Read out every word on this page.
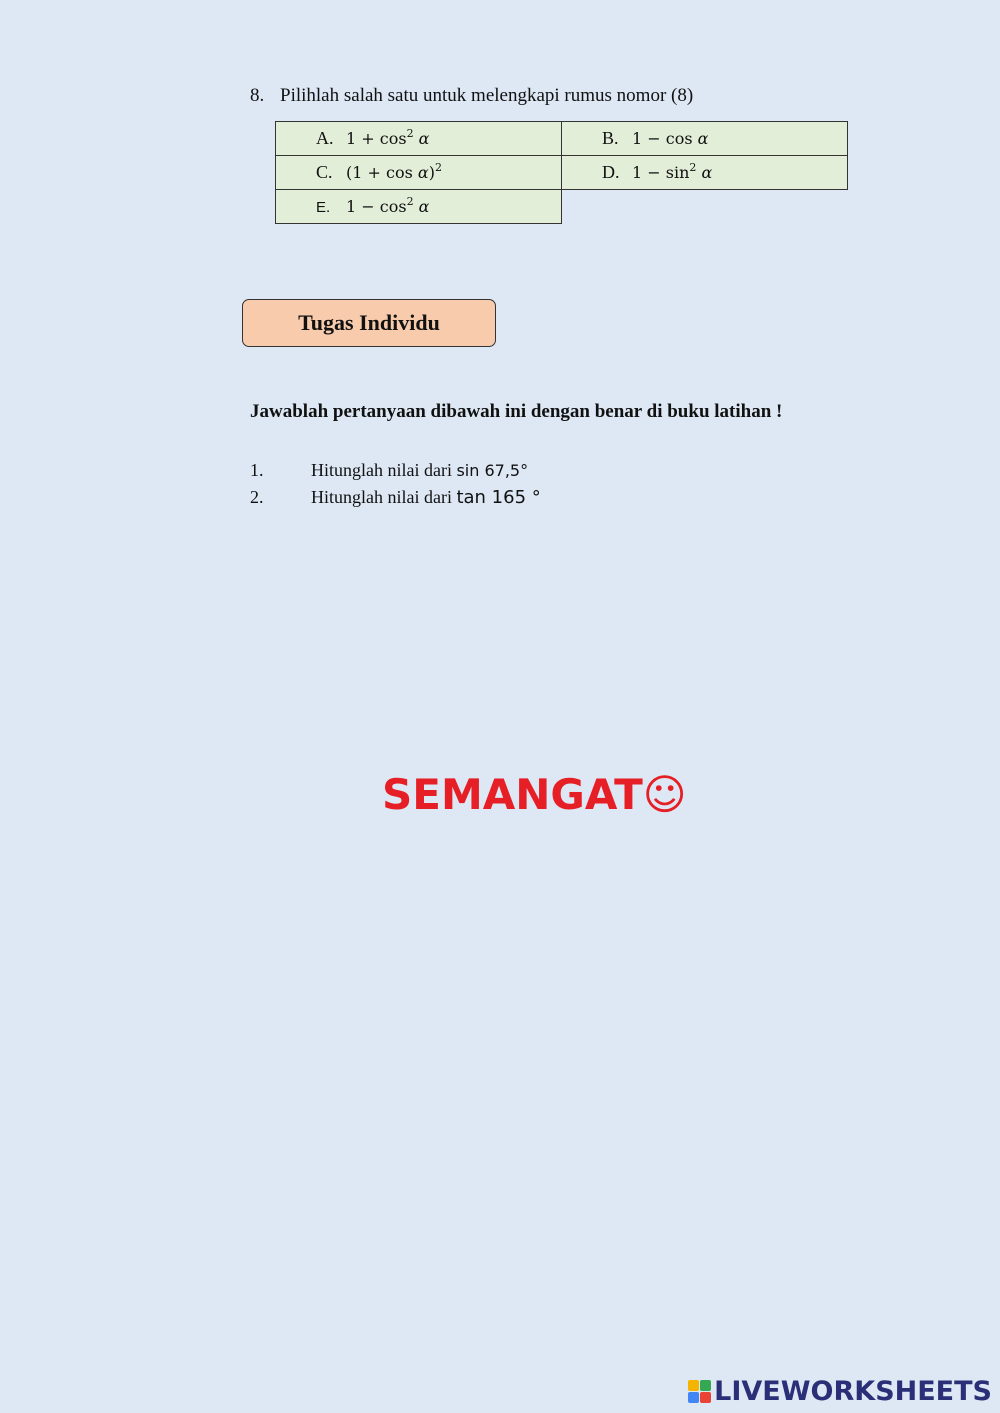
8. Pilihlah salah satu untuk melengkapi rumus nomor (8)
A. $1 + \cos^2 \alpha$	B. 1 − cos α

C. $(1 + \cos \alpha)^2$	D. $1 - \sin^2 \alpha$

E. $1 - \cos^2 \alpha$	

Tugas Individu
Jawablah pertanyaan dibawah ini dengan benar di buku latihan !
1.	Hitunglah nilai dari sin 67,5°
2.	Hitunglah nilai dari tan 165 °
SEMANGAT☺
LIVEWORKSHEETS
